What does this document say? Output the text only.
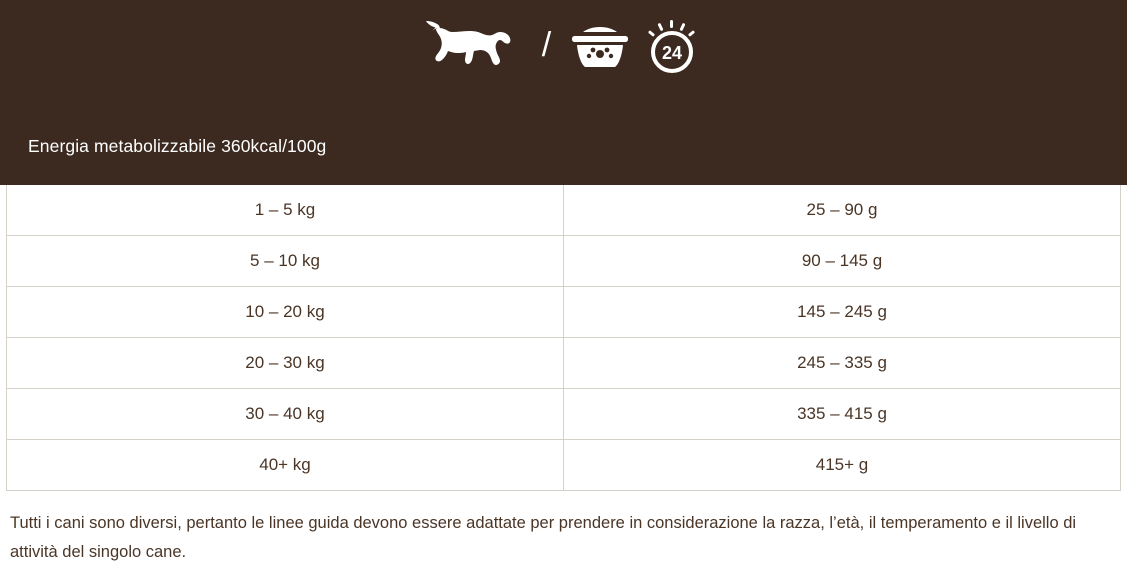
/	24
Energia metabolizzabile 360kcal/100g
1 – 5 kg	25 – 90 g
5 – 10 kg	90 – 145 g
10 – 20 kg	145 – 245 g
20 – 30 kg	245 – 335 g
30 – 40 kg	335 – 415 g
40+ kg	415+ g

Tutti i cani sono diversi, pertanto le linee guida devono essere adattate per prendere in considerazione la razza, l’età, il temperamento e il livello di attività del singolo cane.
